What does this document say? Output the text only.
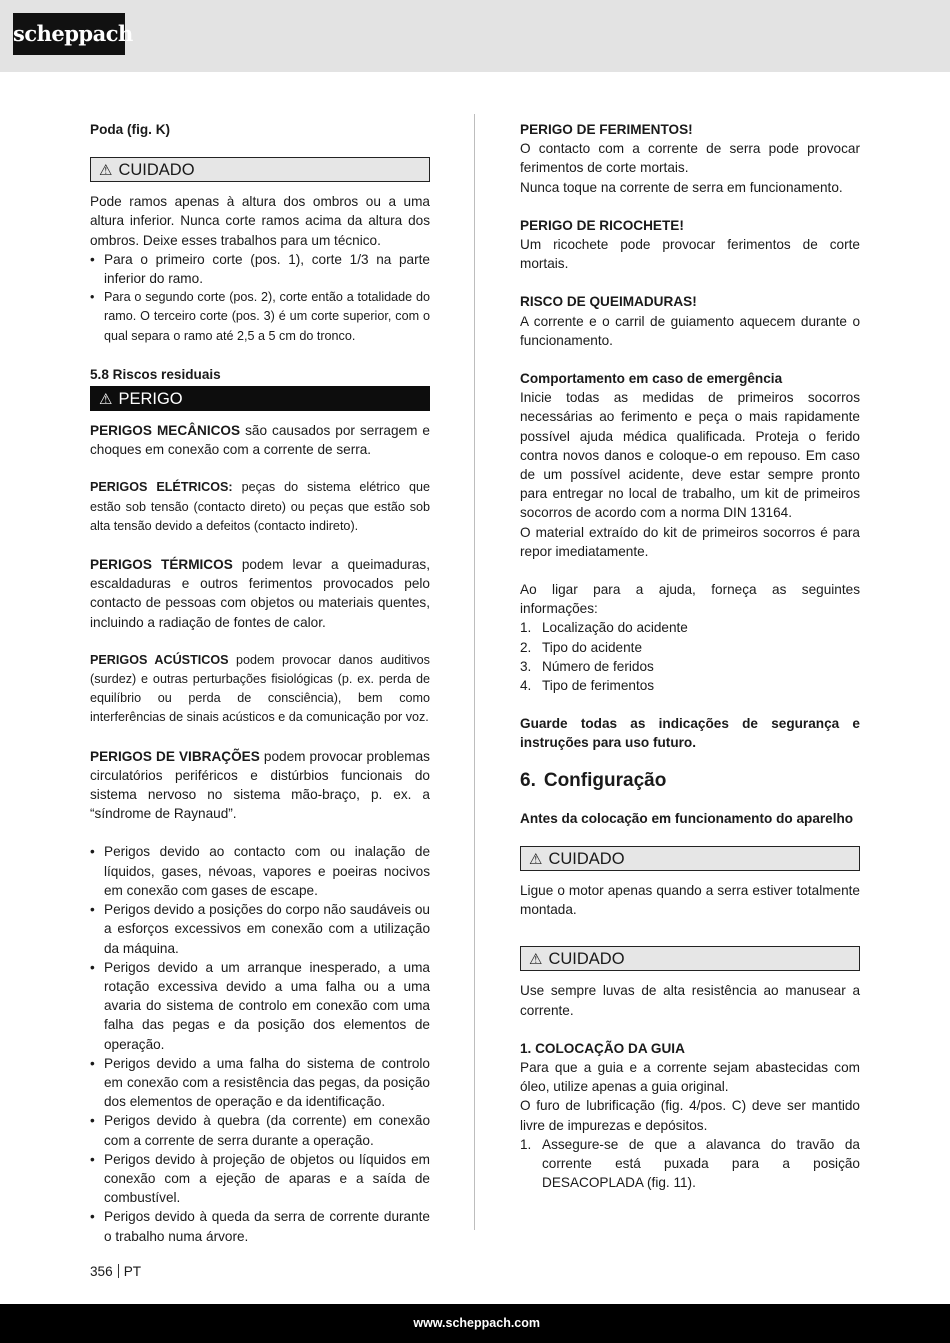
scheppach

Poda (fig. K)

⚠ CUIDADO

Pode ramos apenas à altura dos ombros ou a uma altura inferior. Nunca corte ramos acima da altura dos ombros. Deixe esses trabalhos para um técnico.

• Para o primeiro corte (pos. 1), corte 1/3 na parte inferior do ramo.
• Para o segundo corte (pos. 2), corte então a totalidade do ramo. O terceiro corte (pos. 3) é um corte superior, com o qual separa o ramo até 2,5 a 5 cm do tronco.

5.8 Riscos residuais

⚠ PERIGO

PERIGOS MECÂNICOS são causados por serragem e choques em conexão com a corrente de serra.

PERIGOS ELÉTRICOS: peças do sistema elétrico que estão sob tensão (contacto direto) ou peças que estão sob alta tensão devido a defeitos (contacto indireto).

PERIGOS TÉRMICOS podem levar a queimaduras, escaldaduras e outros ferimentos provocados pelo contacto de pessoas com objetos ou materiais quentes, incluindo a radiação de fontes de calor.

PERIGOS ACÚSTICOS podem provocar danos auditivos (surdez) e outras perturbações fisiológicas (p. ex. perda de equilíbrio ou perda de consciência), bem como interferências de sinais acústicos e da comunicação por voz.

PERIGOS DE VIBRAÇÕES podem provocar problemas circulatórios periféricos e distúrbios funcionais do sistema nervoso no sistema mão-braço, p. ex. a “síndrome de Raynaud”.

• Perigos devido ao contacto com ou inalação de líquidos, gases, névoas, vapores e poeiras nocivos em conexão com gases de escape.
• Perigos devido a posições do corpo não saudáveis ou a esforços excessivos em conexão com a utilização da máquina.
• Perigos devido a um arranque inesperado, a uma rotação excessiva devido a uma falha ou a uma avaria do sistema de controlo em conexão com uma falha das pegas e da posição dos elementos de operação.
• Perigos devido a uma falha do sistema de controlo em conexão com a resistência das pegas, da posição dos elementos de operação e da identificação.
• Perigos devido à quebra (da corrente) em conexão com a corrente de serra durante a operação.
• Perigos devido à projeção de objetos ou líquidos em conexão com a ejeção de aparas e a saída de combustível.
• Perigos devido à queda da serra de corrente durante o trabalho numa árvore.

PERIGO DE FERIMENTOS!

O contacto com a corrente de serra pode provocar ferimentos de corte mortais.

Nunca toque na corrente de serra em funcionamento.

PERIGO DE RICOCHETE!

Um ricochete pode provocar ferimentos de corte mortais.

RISCO DE QUEIMADURAS!

A corrente e o carril de guiamento aquecem durante o funcionamento.

Comportamento em caso de emergência

Inicie todas as medidas de primeiros socorros necessárias ao ferimento e peça o mais rapidamente possível ajuda médica qualificada. Proteja o ferido contra novos danos e coloque-o em repouso. Em caso de um possível acidente, deve estar sempre pronto para entregar no local de trabalho, um kit de primeiros socorros de acordo com a norma DIN 13164.

O material extraído do kit de primeiros socorros é para repor imediatamente.

Ao ligar para a ajuda, forneça as seguintes informações:

1. Localização do acidente
2. Tipo do acidente
3. Número de feridos
4. Tipo de ferimentos

Guarde todas as indicações de segurança e instruções para uso futuro.

6. Configuração

Antes da colocação em funcionamento do aparelho

⚠ CUIDADO

Ligue o motor apenas quando a serra estiver totalmente montada.

⚠ CUIDADO

Use sempre luvas de alta resistência ao manusear a corrente.

1. COLOCAÇÃO DA GUIA

Para que a guia e a corrente sejam abastecidas com óleo, utilize apenas a guia original.

O furo de lubrificação (fig. 4/pos. C) deve ser mantido livre de impurezas e depósitos.

1. Assegure-se de que a alavanca do travão da corrente está puxada para a posição DESACOPLADA (fig. 11).
356 PT
www.scheppach.com
